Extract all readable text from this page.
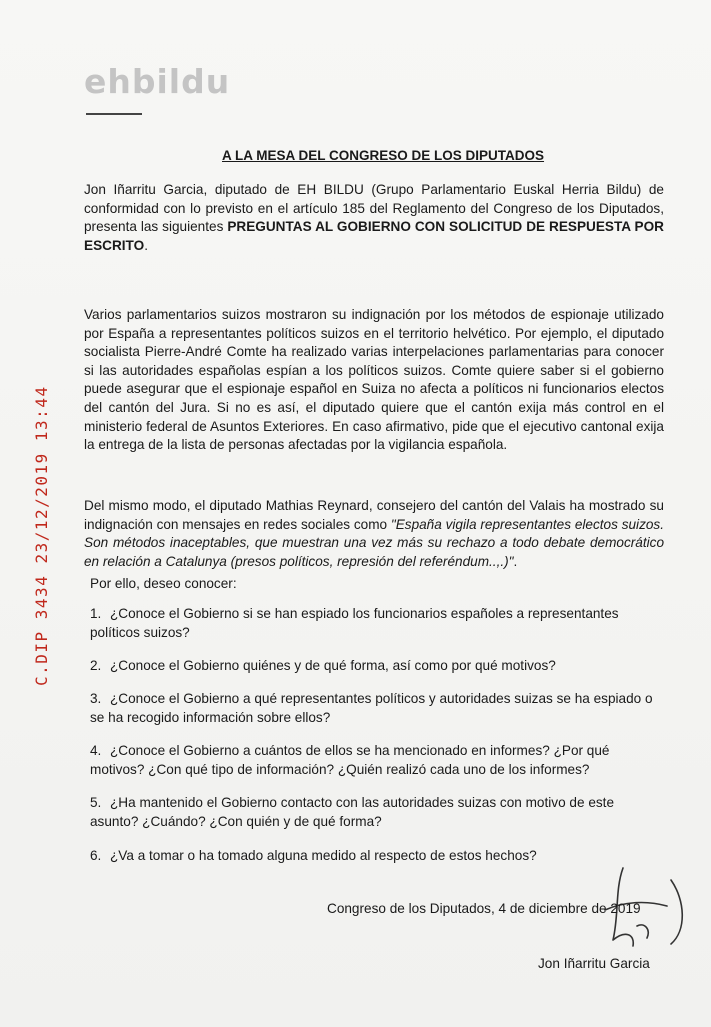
ehbildu
C.DIP 3434 23/12/2019 13:44
A LA MESA DEL CONGRESO DE LOS DIPUTADOS
Jon Iñarritu Garcia, diputado de EH BILDU (Grupo Parlamentario Euskal Herria Bildu) de conformidad con lo previsto en el artículo 185 del Reglamento del Congreso de los Diputados, presenta las siguientes PREGUNTAS AL GOBIERNO CON SOLICITUD DE RESPUESTA POR ESCRITO.
Varios parlamentarios suizos mostraron su indignación por los métodos de espionaje utilizado por España a representantes políticos suizos en el territorio helvético. Por ejemplo, el diputado socialista Pierre-André Comte ha realizado varias interpelaciones parlamentarias para conocer si las autoridades españolas espían a los políticos suizos. Comte quiere saber si el gobierno puede asegurar que el espionaje español en Suiza no afecta a políticos ni funcionarios electos del cantón del Jura. Si no es así, el diputado quiere que el cantón exija más control en el ministerio federal de Asuntos Exteriores. En caso afirmativo, pide que el ejecutivo cantonal exija la entrega de la lista de personas afectadas por la vigilancia española.
Del mismo modo, el diputado Mathias Reynard, consejero del cantón del Valais ha mostrado su indignación con mensajes en redes sociales como "España vigila representantes electos suizos. Son métodos inaceptables, que muestran una vez más su rechazo a todo debate democrático en relación a Catalunya (presos políticos, represión del referéndum..,.)".
Por ello, deseo conocer:
1. ¿Conoce el Gobierno si se han espiado los funcionarios españoles a representantes políticos suizos?
2. ¿Conoce el Gobierno quiénes y de qué forma, así como por qué motivos?
3. ¿Conoce el Gobierno a qué representantes políticos y autoridades suizas se ha espiado o se ha recogido información sobre ellos?
4. ¿Conoce el Gobierno a cuántos de ellos se ha mencionado en informes? ¿Por qué motivos? ¿Con qué tipo de información? ¿Quién realizó cada uno de los informes?
5. ¿Ha mantenido el Gobierno contacto con las autoridades suizas con motivo de este asunto? ¿Cuándo? ¿Con quién y de qué forma?
6. ¿Va a tomar o ha tomado alguna medido al respecto de estos hechos?
Congreso de los Diputados, 4 de diciembre de 2019
Jon Iñarritu Garcia
